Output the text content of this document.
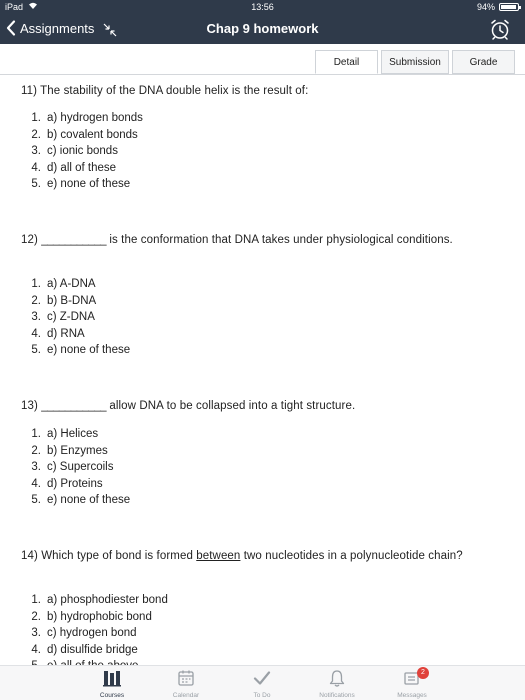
iPad	13:56	94%
Assignments	Chap 9 homework
Detail	Submission	Grade
11) The stability of the DNA double helix is the result of:
1. a) hydrogen bonds
2. b) covalent bonds
3. c) ionic bonds
4. d) all of these
5. e) none of these
12) ___________ is the conformation that DNA takes under physiological conditions.
1. a) A-DNA
2. b) B-DNA
3. c) Z-DNA
4. d) RNA
5. e) none of these
13) ___________ allow DNA to be collapsed into a tight structure.
1. a) Helices
2. b) Enzymes
3. c) Supercoils
4. d) Proteins
5. e) none of these
14) Which type of bond is formed between two nucleotides in a polynucleotide chain?
1. a) phosphodiester bond
2. b) hydrophobic bond
3. c) hydrogen bond
4. d) disulfide bridge
Courses	Calendar	To Do	Notifications
2
Messages
